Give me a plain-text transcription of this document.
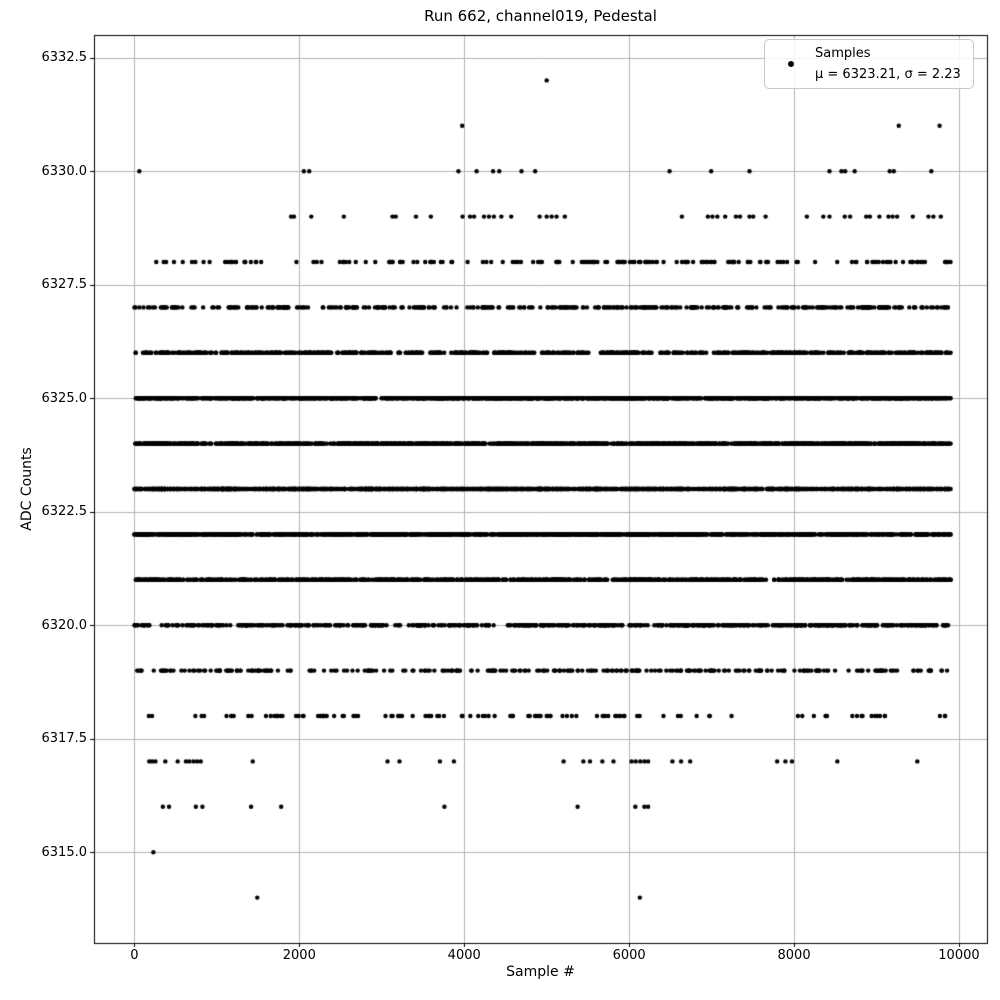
Run 662, channel019, Pedestal
Sample #
ADC Counts
6315.0
6317.5
6320.0
6322.5
6325.0
6327.5
6330.0
6332.5
0	2000	4000	6000	8000	10000
Samples
μ = 6323.21, σ = 2.23
